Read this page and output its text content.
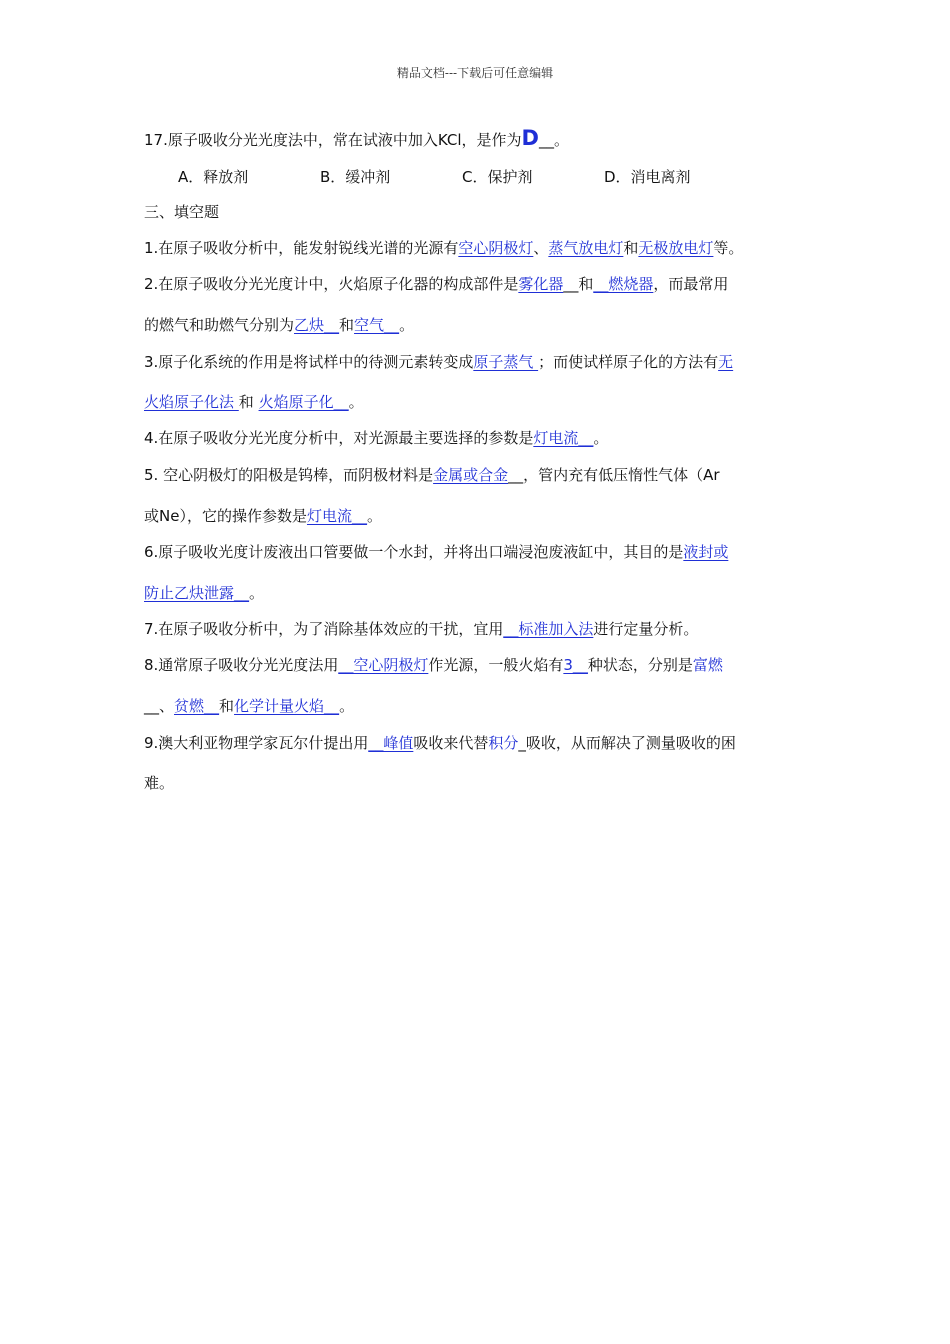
精品文档---下载后可任意编辑
17.原子吸收分光光度法中，常在试液中加入KCl，是作为D__。
A．释放剂	B．缓冲剂	C．保护剂	D．消电离剂
三、填空题
1.在原子吸收分析中，能发射锐线光谱的光源有空心阴极灯、蒸气放电灯和无极放电灯等。
2.在原子吸收分光光度计中，火焰原子化器的构成部件是雾化器__和__燃烧器，而最常用
的燃气和助燃气分别为乙炔__和空气__。
3.原子化系统的作用是将试样中的待测元素转变成原子蒸气 ；而使试样原子化的方法有无
火焰原子化法 和 火焰原子化__。
4.在原子吸收分光光度分析中，对光源最主要选择的参数是灯电流__。
5. 空心阴极灯的阳极是钨棒，而阴极材料是金属或合金__，管内充有低压惰性气体（Ar
或Ne），它的操作参数是灯电流__。
6.原子吸收光度计废液出口管要做一个水封，并将出口端浸泡废液缸中，其目的是液封或
防止乙炔泄露__。
7.在原子吸收分析中，为了消除基体效应的干扰，宜用__标准加入法进行定量分析。
8.通常原子吸收分光光度法用__空心阴极灯作光源，一般火焰有3__种状态，分别是富燃
__、贫燃__和化学计量火焰__。
9.澳大利亚物理学家瓦尔什提出用__峰值吸收来代替积分_吸收，从而解决了测量吸收的困
难。
